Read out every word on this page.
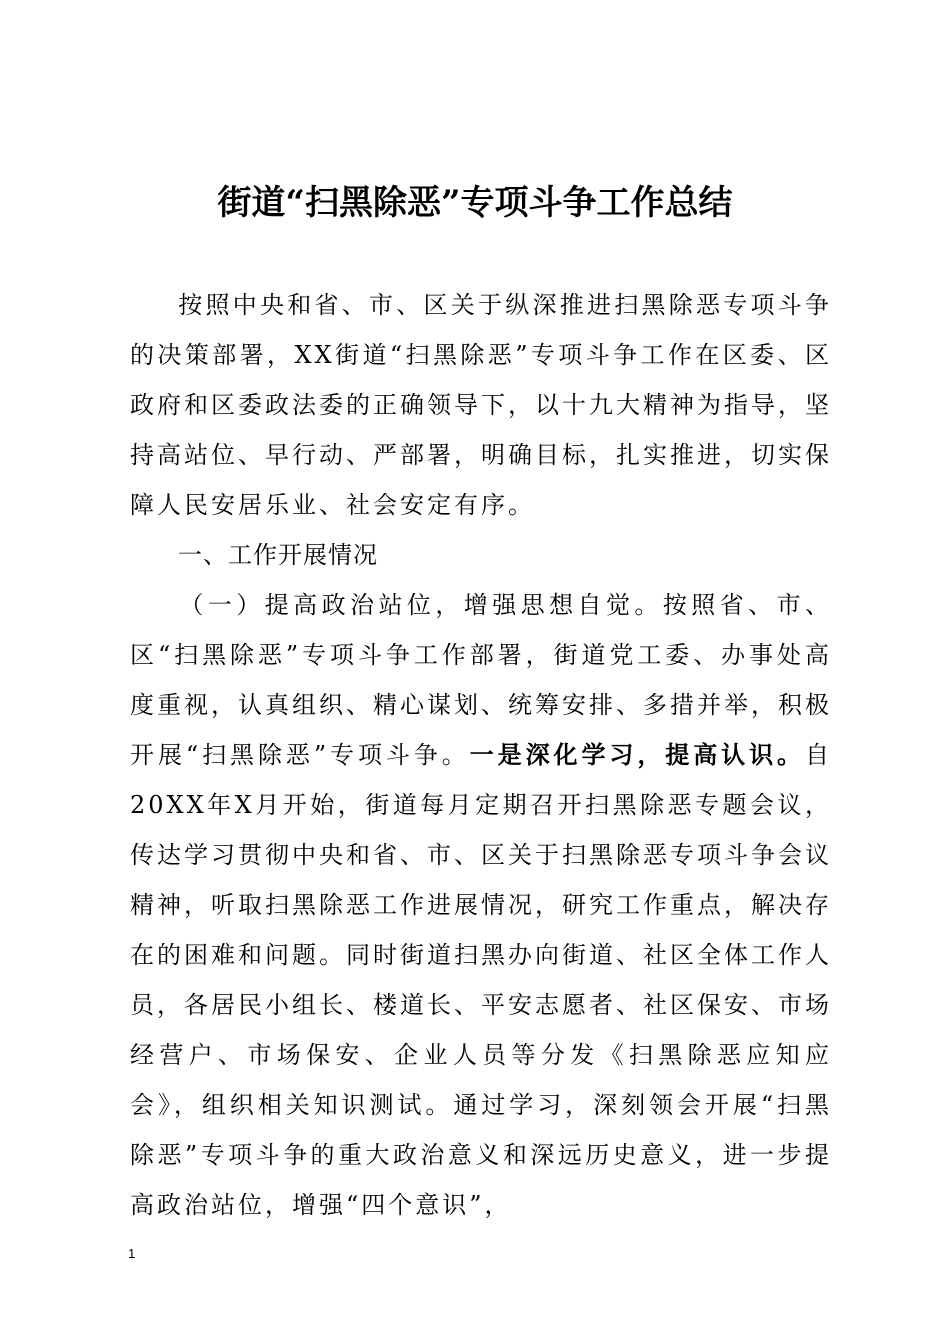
街道“扫黑除恶”专项斗争工作总结

按照中央和省、市、区关于纵深推进扫黑除恶专项斗争的决策部署，XX街道“扫黑除恶”专项斗争工作在区委、区政府和区委政法委的正确领导下，以十九大精神为指导，坚持高站位、早行动、严部署，明确目标，扎实推进，切实保障人民安居乐业、社会安定有序。

一、工作开展情况

（一）提高政治站位，增强思想自觉。按照省、市、区“扫黑除恶”专项斗争工作部署，街道党工委、办事处高度重视，认真组织、精心谋划、统筹安排、多措并举，积极开展“扫黑除恶”专项斗争。一是深化学习，提高认识。自20XX年X月开始，街道每月定期召开扫黑除恶专题会议，传达学习贯彻中央和省、市、区关于扫黑除恶专项斗争会议精神，听取扫黑除恶工作进展情况，研究工作重点，解决存在的困难和问题。同时街道扫黑办向街道、社区全体工作人员，各居民小组长、楼道长、平安志愿者、社区保安、市场经营户、市场保安、企业人员等分发《扫黑除恶应知应会》，组织相关知识测试。通过学习，深刻领会开展“扫黑除恶”专项斗争的重大政治意义和深远历史意义，进一步提高政治站位，增强“四个意识”，

1
